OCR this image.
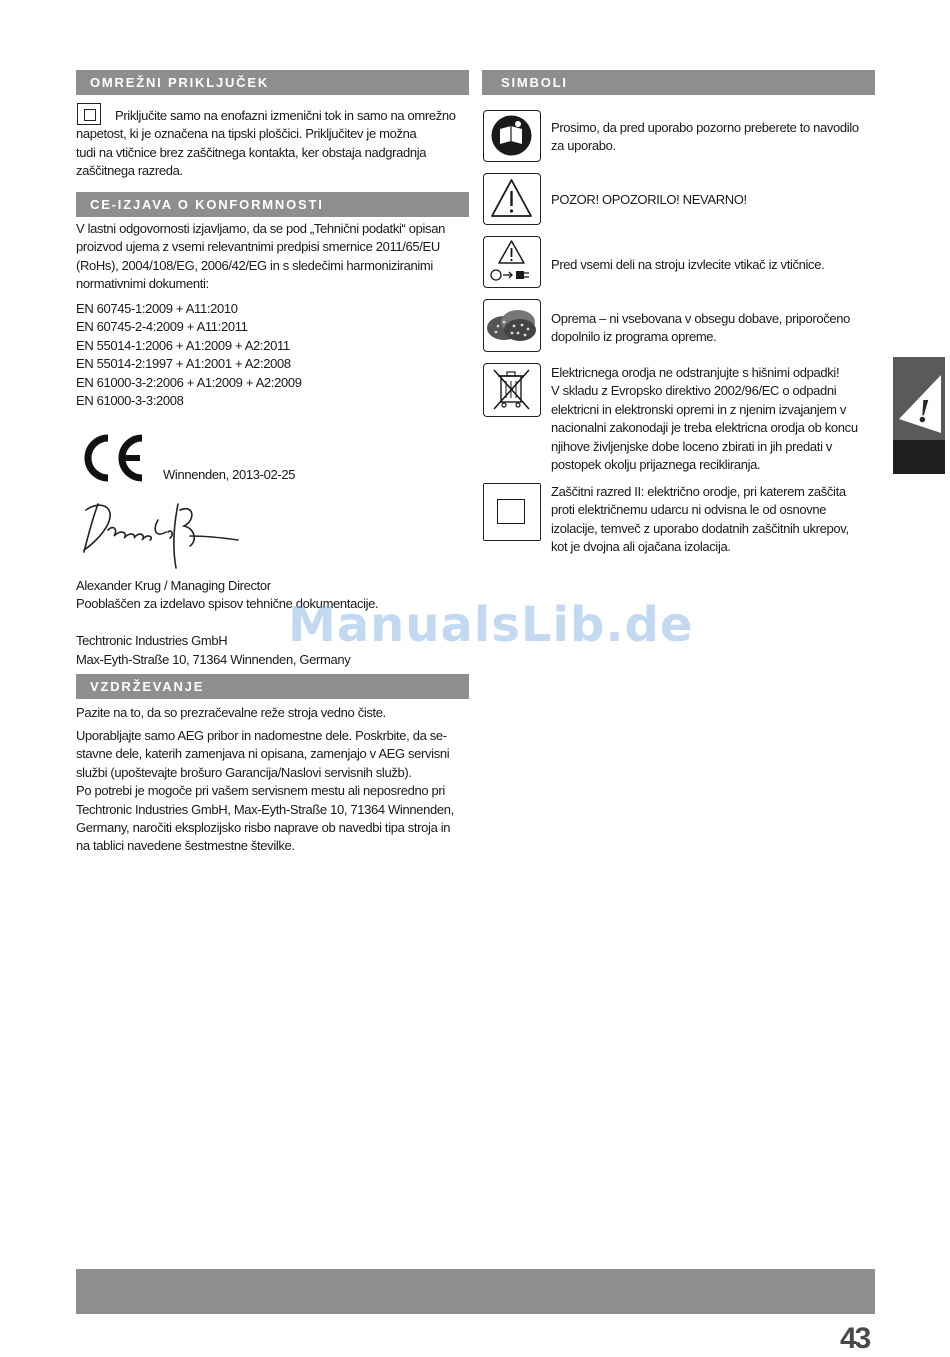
OMREŽNI PRIKLJUČEK

Priključite samo na enofazni izmenični tok in samo na omrežno
napetost, ki je označena na tipski ploščici. Priključitev je možna
tudi na vtičnice brez zaščitnega kontakta, ker obstaja nadgradnja
zaščitnega razreda.

CE-IZJAVA O KONFORMNOSTI

V lastni odgovornosti izjavljamo, da se pod „Tehnični podatki“ opisan
proizvod ujema z vsemi relevantnimi predpisi smernice 2011/65/EU
(RoHs), 2004/108/EG, 2006/42/EG in s sledečimi harmoniziranimi
normativnimi dokumenti:

EN 60745-1:2009 + A11:2010
EN 60745-2-4:2009 + A11:2011
EN 55014-1:2006 + A1:2009 + A2:2011
EN 55014-2:1997 + A1:2001 + A2:2008
EN 61000-3-2:2006 + A1:2009 + A2:2009
EN 61000-3-3:2008
Winnenden, 2013-02-25
Alexander Krug / Managing Director
Pooblaščen za izdelavo spisov tehnične dokumentacije.
Techtronic Industries GmbH
Max-Eyth-Straße 10, 71364 Winnenden, Germany
VZDRŽEVANJE

Pazite na to, da so prezračevalne reže stroja vedno čiste.

Uporabljajte samo AEG pribor in nadomestne dele. Poskrbite, da se-
stavne dele, katerih zamenjava ni opisana, zamenjajo v AEG servisni
službi (upoštevajte brošuro Garancija/Naslovi servisnih služb).
Po potrebi je mogoče pri vašem servisnem mestu ali neposredno pri
Techtronic Industries GmbH, Max-Eyth-Straße 10, 71364 Winnenden,
Germany, naročiti eksplozijsko risbo naprave ob navedbi tipa stroja in
na tablici navedene šestmestne številke.

SIMBOLI

Prosimo, da pred uporabo pozorno preberete to navodilo
za uporabo.

POZOR! OPOZORILO! NEVARNO!

Pred vsemi deli na stroju izvlecite vtikač iz vtičnice.

Oprema – ni vsebovana v obsegu dobave, priporočeno
dopolnilo iz programa opreme.

Elektricnega orodja ne odstranjujte s hišnimi odpadki!
V skladu z Evropsko direktivo 2002/96/EC o odpadni
elektricni in elektronski opremi in z njenim izvajanjem v
nacionalni zakonodaji je treba elektricna orodja ob koncu
njihove življenjske dobe loceno zbirati in jih predati v
postopek okolju prijaznega recikliranja.

Zaščitni razred II: električno orodje, pri katerem zaščita
proti električnemu udarcu ni odvisna le od osnovne
izolacije, temveč z uporabo dodatnih zaščitnih ukrepov,
kot je dvojna ali ojačana izolacija.

!
43
ManualsLib.de
